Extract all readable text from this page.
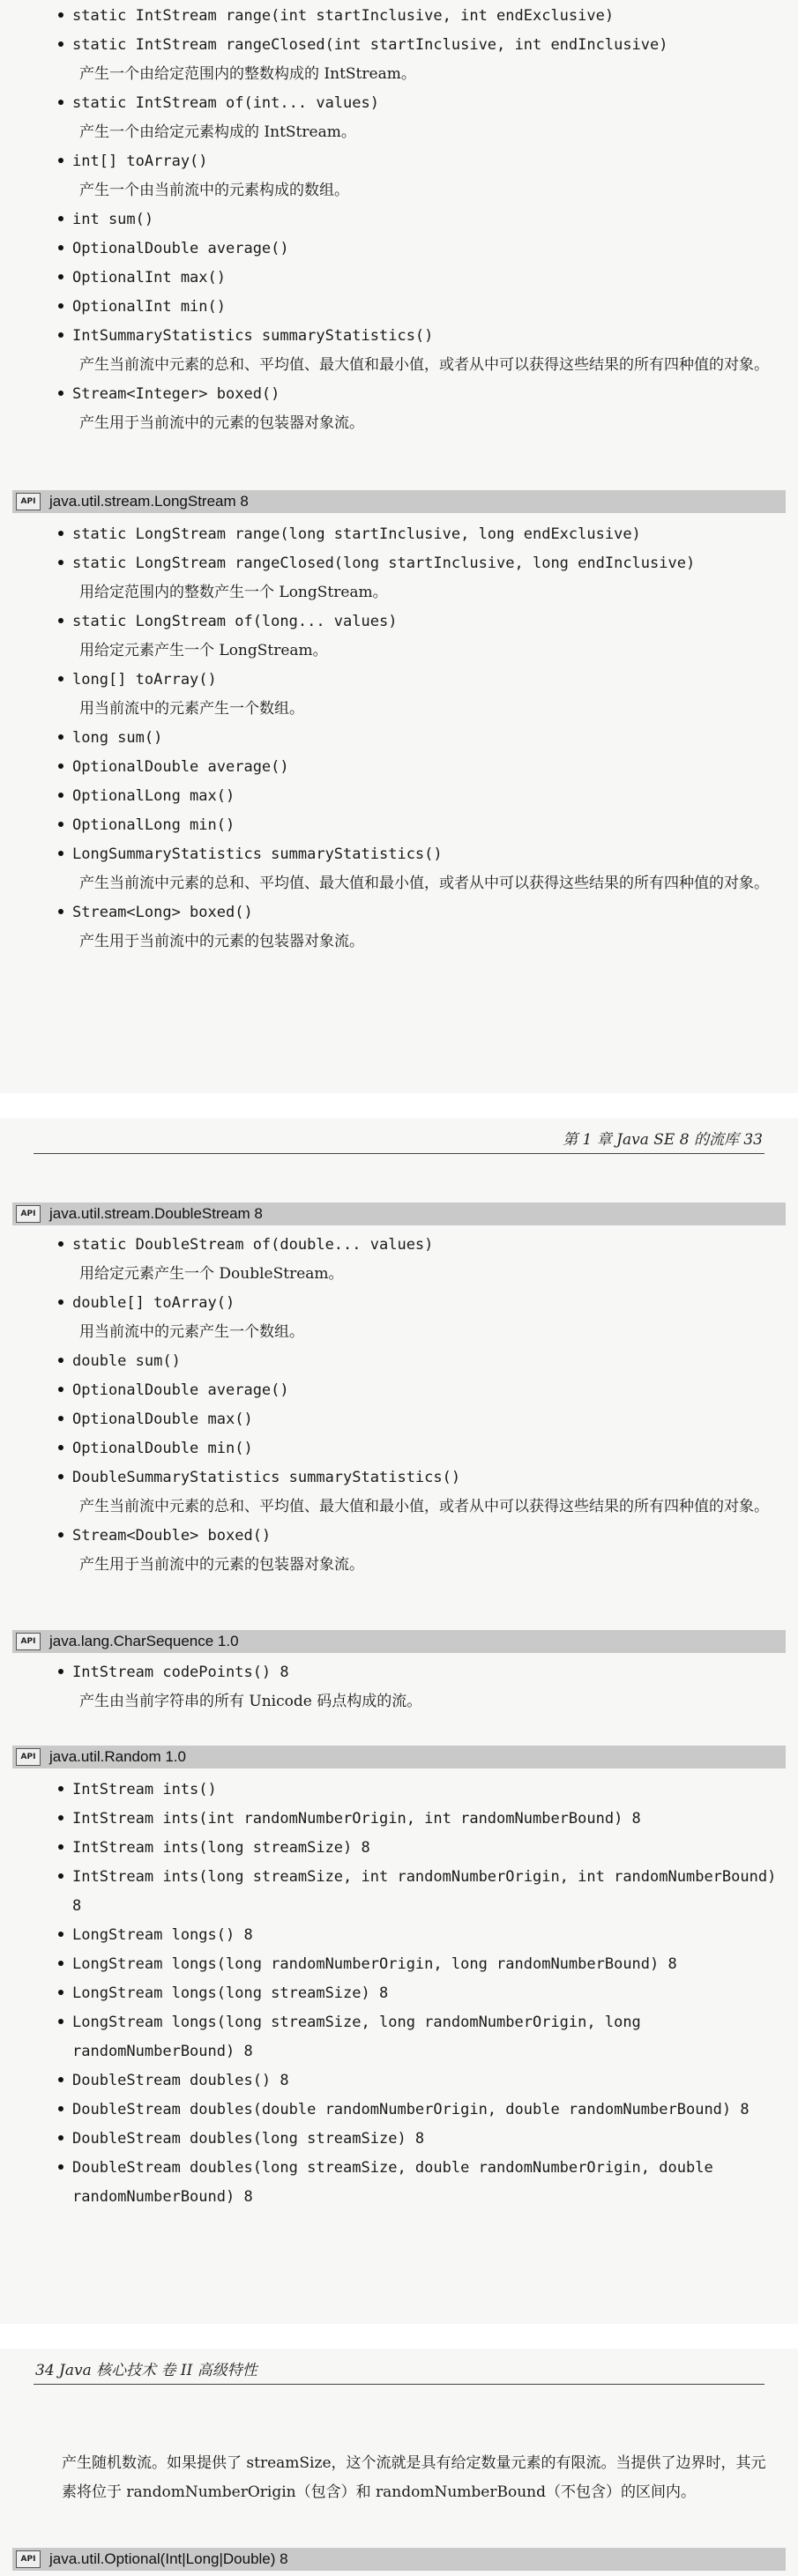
static IntStream range(int startInclusive, int endExclusive)
static IntStream rangeClosed(int startInclusive, int endInclusive)
产生一个由给定范围内的整数构成的 IntStream。
static IntStream of(int... values)
产生一个由给定元素构成的 IntStream。
int[] toArray()
产生一个由当前流中的元素构成的数组。
int sum()
OptionalDouble average()
OptionalInt max()
OptionalInt min()
IntSummaryStatistics summaryStatistics()
产生当前流中元素的总和、平均值、最大值和最小值，或者从中可以获得这些结果的所有四种值的对象。
Stream<Integer> boxed()
产生用于当前流中的元素的包装器对象流。
API java.util.stream.LongStream 8
static LongStream range(long startInclusive, long endExclusive)
static LongStream rangeClosed(long startInclusive, long endInclusive)
用给定范围内的整数产生一个 LongStream。
static LongStream of(long... values)
用给定元素产生一个 LongStream。
long[] toArray()
用当前流中的元素产生一个数组。
long sum()
OptionalDouble average()
OptionalLong max()
OptionalLong min()
LongSummaryStatistics summaryStatistics()
产生当前流中元素的总和、平均值、最大值和最小值，或者从中可以获得这些结果的所有四种值的对象。
Stream<Long> boxed()
产生用于当前流中的元素的包装器对象流。
第 1 章 Java SE 8 的流库 33
API java.util.stream.DoubleStream 8
static DoubleStream of(double... values)
用给定元素产生一个 DoubleStream。
double[] toArray()
用当前流中的元素产生一个数组。
double sum()
OptionalDouble average()
OptionalDouble max()
OptionalDouble min()
DoubleSummaryStatistics summaryStatistics()
产生当前流中元素的总和、平均值、最大值和最小值，或者从中可以获得这些结果的所有四种值的对象。
Stream<Double> boxed()
产生用于当前流中的元素的包装器对象流。
API java.lang.CharSequence 1.0
IntStream codePoints() 8
产生由当前字符串的所有 Unicode 码点构成的流。
API java.util.Random 1.0
IntStream ints()
IntStream ints(int randomNumberOrigin, int randomNumberBound) 8
IntStream ints(long streamSize) 8
IntStream ints(long streamSize, int randomNumberOrigin, int randomNumberBound) 8
LongStream longs() 8
LongStream longs(long randomNumberOrigin, long randomNumberBound) 8
LongStream longs(long streamSize) 8
LongStream longs(long streamSize, long randomNumberOrigin, long randomNumberBound) 8
DoubleStream doubles() 8
DoubleStream doubles(double randomNumberOrigin, double randomNumberBound) 8
DoubleStream doubles(long streamSize) 8
DoubleStream doubles(long streamSize, double randomNumberOrigin, double randomNumberBound) 8
34 Java 核心技术 卷 II 高级特性
产生随机数流。如果提供了 streamSize，这个流就是具有给定数量元素的有限流。当提供了边界时，其元素将位于 randomNumberOrigin（包含）和 randomNumberBound（不包含）的区间内。
API java.util.Optional(Int|Long|Double) 8
